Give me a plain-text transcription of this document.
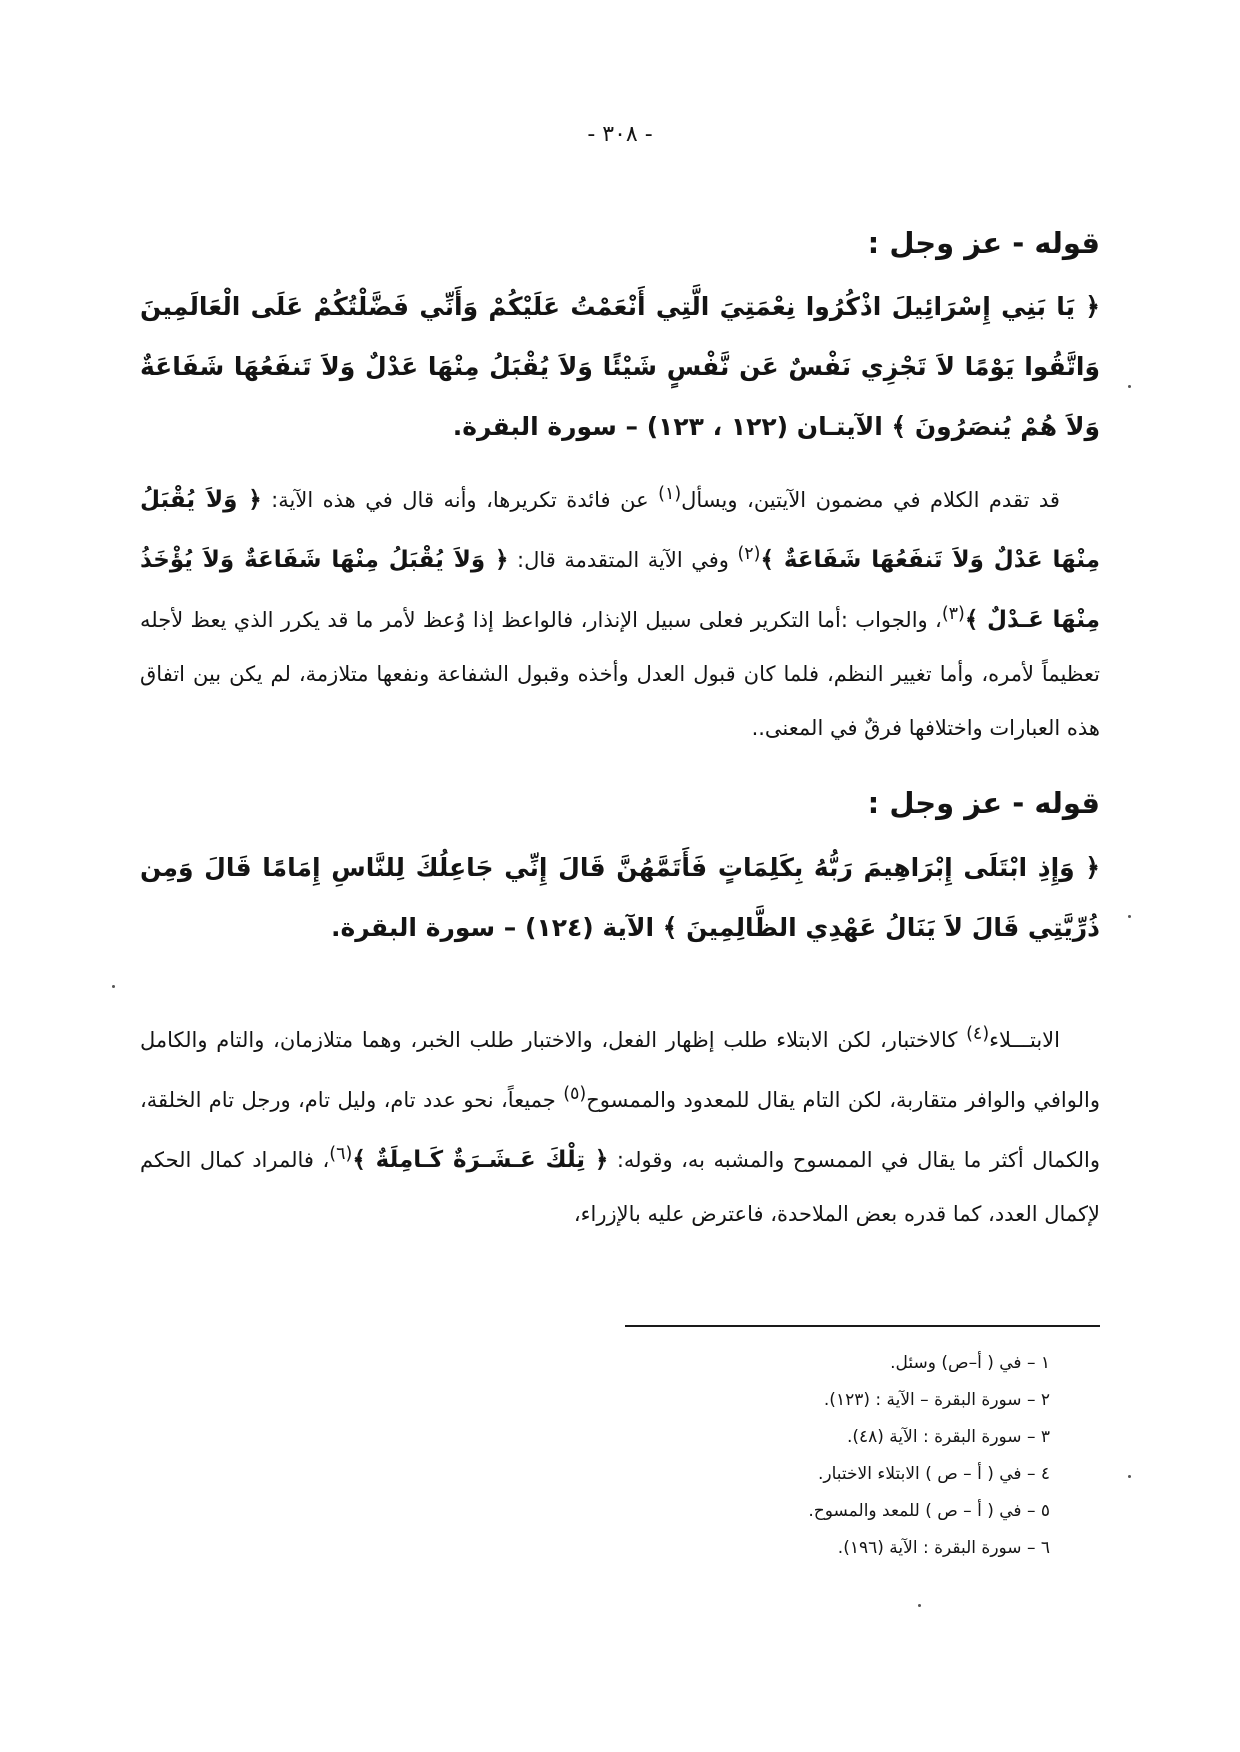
- ٣٠٨ -
قوله - عز وجل :
﴿ يَا بَنِي إِسْرَائِيلَ اذْكُرُوا نِعْمَتِيَ الَّتِي أَنْعَمْتُ عَلَيْكُمْ وَأَنِّي فَضَّلْتُكُمْ عَلَى الْعَالَمِينَ وَاتَّقُوا يَوْمًا لاَ تَجْزِي نَفْسٌ عَن نَّفْسٍ شَيْئًا وَلاَ يُقْبَلُ مِنْهَا عَدْلٌ وَلاَ تَنفَعُهَا شَفَاعَةٌ وَلاَ هُمْ يُنصَرُونَ ﴾ الآيتـان (١٢٢ ، ١٢٣) – سورة البقرة.
قد تقدم الكلام في مضمون الآيتين، ويسأل$^{(١)}$ عن فائدة تكريرها، وأنه قال في هذه الآية: ﴿ وَلاَ يُقْبَلُ مِنْهَا عَدْلٌ وَلاَ تَنفَعُهَا شَفَاعَةٌ ﴾$^{(٢)}$ وفي الآية المتقدمة قال: ﴿ وَلاَ يُقْبَلُ مِنْهَا شَفَاعَةٌ وَلاَ يُؤْخَذُ مِنْهَا عَـدْلٌ ﴾$^{(٣)}$، والجواب :أما التكرير فعلى سبيل الإنذار، فالواعظ إذا وُعظ لأمر ما قد يكرر الذي يعظ لأجله تعظيماً لأمره، وأما تغيير النظم، فلما كان قبول العدل وأخذه وقبول الشفاعة ونفعها متلازمة، لم يكن بين اتفاق هذه العبارات واختلافها فرقٌ في المعنى..
قوله - عز وجل :
﴿ وَإِذِ ابْتَلَى إِبْرَاهِيمَ رَبُّهُ بِكَلِمَاتٍ فَأَتَمَّهُنَّ قَالَ إِنِّي جَاعِلُكَ لِلنَّاسِ إِمَامًا قَالَ وَمِن ذُرِّيَّتِي قَالَ لاَ يَنَالُ عَهْدِي الظَّالِمِينَ ﴾ الآية (١٢٤) – سورة البقرة.
الابتـــلاء$^{(٤)}$ كالاختبار، لكن الابتلاء طلب إظهار الفعل، والاختبار طلب الخبر، وهما متلازمان، والتام والكامل والوافي والوافر متقاربة، لكن التام يقال للمعدود والممسوح$^{(٥)}$ جميعاً، نحو عدد تام، وليل تام، ورجل تام الخلقة، والكمال أكثر ما يقال في الممسوح والمشبه به، وقوله: ﴿ تِلْكَ عَـشَـرَةٌ كَـامِلَةٌ ﴾$^{(٦)}$، فالمراد كمال الحكم لإكمال العدد، كما قدره بعض الملاحدة، فاعترض عليه بالإزراء،
١ – في ( أ–ص) وسئل.
٢ – سورة البقرة – الآية : (١٢٣).
٣ – سورة البقرة : الآية (٤٨).
٤ – في ( أ – ص ) الابتلاء الاختبار.
٥ – في ( أ – ص ) للمعد والمسوح.
٦ – سورة البقرة : الآية (١٩٦).
